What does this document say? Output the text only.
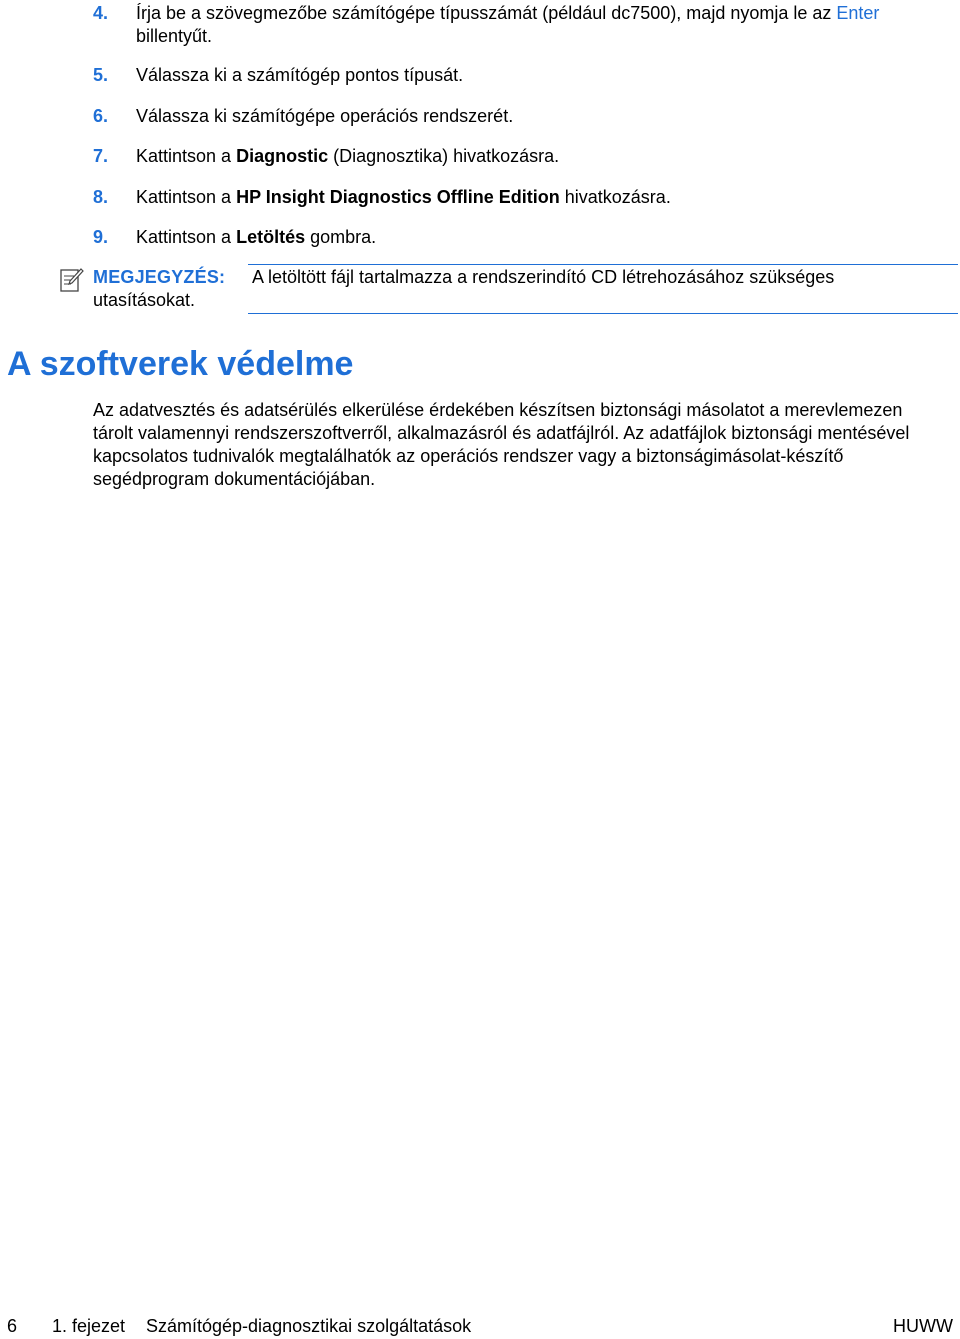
4. Írja be a szövegmezőbe számítógépe típusszámát (például dc7500), majd nyomja le az Enter
billentyűt.
5. Válassza ki a számítógép pontos típusát.
6. Válassza ki számítógépe operációs rendszerét.
7. Kattintson a Diagnostic (Diagnosztika) hivatkozásra.
8. Kattintson a HP Insight Diagnostics Offline Edition hivatkozásra.
9. Kattintson a Letöltés gombra.
MEGJEGYZÉS: A letöltött fájl tartalmazza a rendszerindító CD létrehozásához szükséges
utasításokat.
A szoftverek védelme
Az adatvesztés és adatsérülés elkerülése érdekében készítsen biztonsági másolatot a merevlemezen
tárolt valamennyi rendszerszoftverről, alkalmazásról és adatfájlról. Az adatfájlok biztonsági mentésével
kapcsolatos tudnivalók megtalálhatók az operációs rendszer vagy a biztonságimásolat-készítő
segédprogram dokumentációjában.
6 1. fejezet Számítógép-diagnosztikai szolgáltatások	HUWW
